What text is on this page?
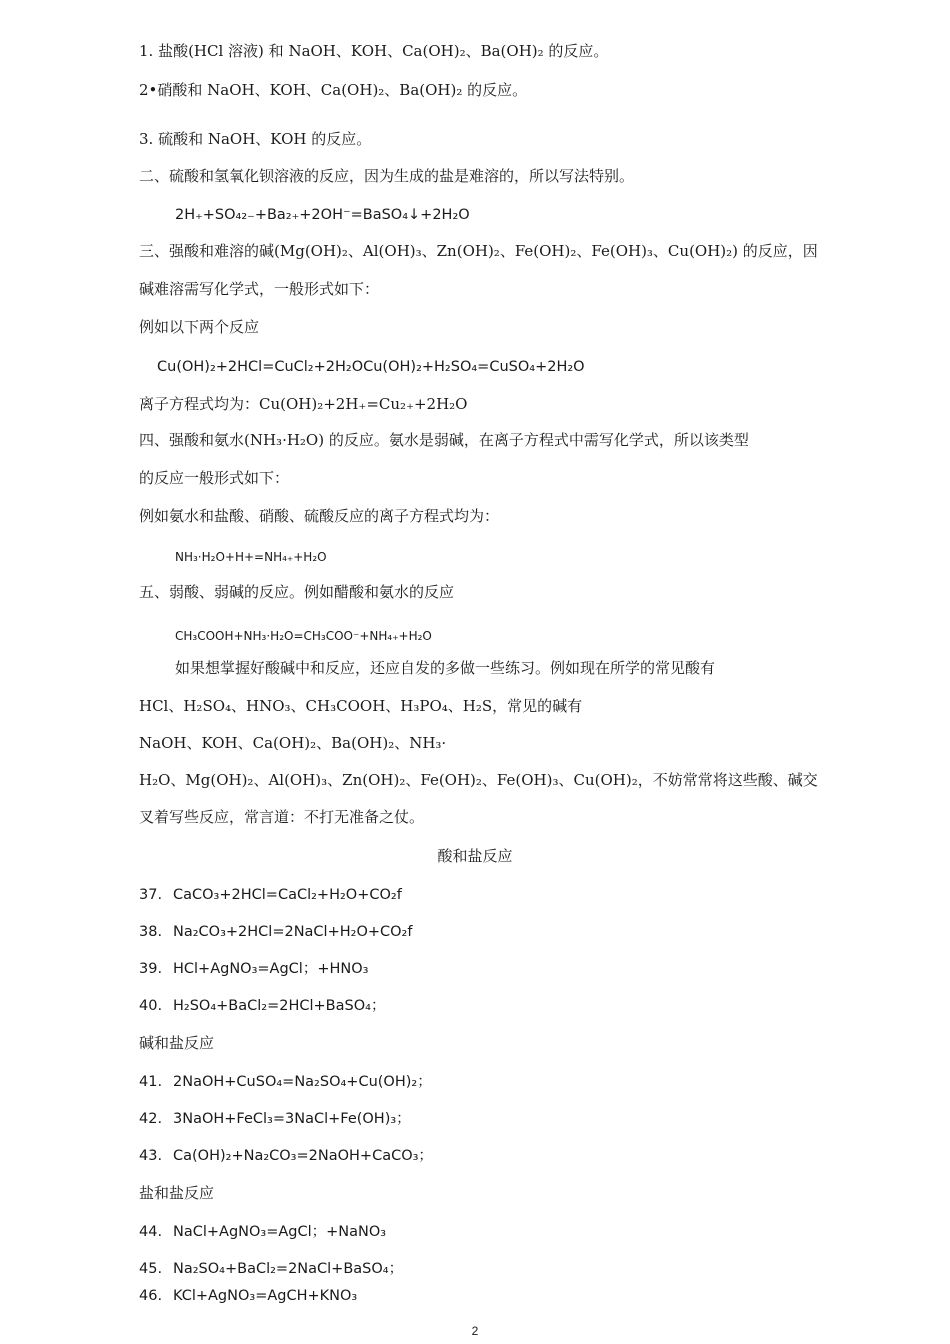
1. 盐酸(HCl 溶液) 和 NaOH、KOH、Ca(OH)₂、Ba(OH)₂ 的反应。
2•硝酸和 NaOH、KOH、Ca(OH)₂、Ba(OH)₂ 的反应。
3. 硫酸和 NaOH、KOH 的反应。
二、硫酸和氢氧化钡溶液的反应，因为生成的盐是难溶的，所以写法特别。
2H₊+SO₄₂₋+Ba₂₊+2OH⁻=BaSO₄↓+2H₂O
三、强酸和难溶的碱(Mg(OH)₂、Al(OH)₃、Zn(OH)₂、Fe(OH)₂、Fe(OH)₃、Cu(OH)₂) 的反应，因
碱难溶需写化学式，一般形式如下：
例如以下两个反应
Cu(OH)₂+2HCl=CuCl₂+2H₂OCu(OH)₂+H₂SO₄=CuSO₄+2H₂O
离子方程式均为：Cu(OH)₂+2H₊=Cu₂₊+2H₂O
四、强酸和氨水(NH₃·H₂O) 的反应。氨水是弱碱，在离子方程式中需写化学式，所以该类型
的反应一般形式如下：
例如氨水和盐酸、硝酸、硫酸反应的离子方程式均为：
NH₃·H₂O+H+=NH₄₊+H₂O
五、弱酸、弱碱的反应。例如醋酸和氨水的反应
CH₃COOH+NH₃·H₂O=CH₃COO⁻+NH₄₊+H₂O
如果想掌握好酸碱中和反应，还应自发的多做一些练习。例如现在所学的常见酸有
HCl、H₂SO₄、HNO₃、CH₃COOH、H₃PO₄、H₂S，常见的碱有
NaOH、KOH、Ca(OH)₂、Ba(OH)₂、NH₃·
H₂O、Mg(OH)₂、Al(OH)₃、Zn(OH)₂、Fe(OH)₂、Fe(OH)₃、Cu(OH)₂，不妨常常将这些酸、碱交
叉着写些反应，常言道：不打无准备之仗。
酸和盐反应
37. CaCO₃+2HCl=CaCl₂+H₂O+CO₂f
38. Na₂CO₃+2HCl=2NaCl+H₂O+CO₂f
39. HCl+AgNO₃=AgCl；+HNO₃
40. H₂SO₄+BaCl₂=2HCl+BaSO₄；
碱和盐反应
41. 2NaOH+CuSO₄=Na₂SO₄+Cu(OH)₂；
42. 3NaOH+FeCl₃=3NaCl+Fe(OH)₃；
43. Ca(OH)₂+Na₂CO₃=2NaOH+CaCO₃；
盐和盐反应
44. NaCl+AgNO₃=AgCl；+NaNO₃
45. Na₂SO₄+BaCl₂=2NaCl+BaSO₄；
46. KCl+AgNO₃=AgCH+KNO₃
2
